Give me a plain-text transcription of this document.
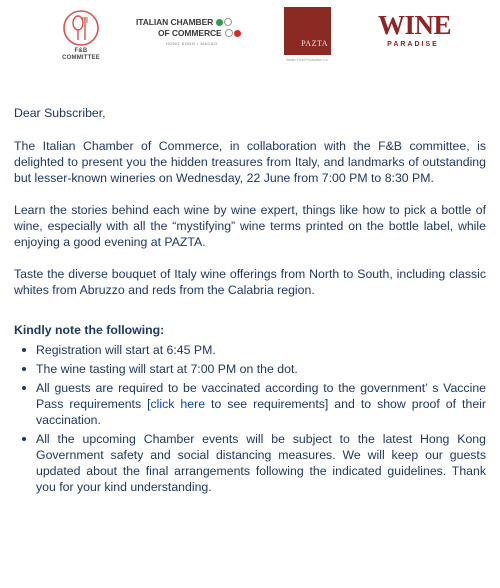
F&B
COMMITTEE
ITALIAN CHAMBER
OF COMMERCE
HONG KONG • MACAO	PAZTA
Italian Food Production Co.
WINE
PARADISE

Dear Subscriber,

The Italian Chamber of Commerce, in collaboration with the F&B committee, is delighted to present you the hidden treasures from Italy, and landmarks of outstanding but lesser-known wineries on Wednesday, 22 June from 7:00 PM to 8:30 PM.

Learn the stories behind each wine by wine expert, things like how to pick a bottle of wine, especially with all the “mystifying” wine terms printed on the bottle label, while enjoying a good evening at PAZTA.

Taste the diverse bouquet of Italy wine offerings from North to South, including classic whites from Abruzzo and reds from the Calabria region.

Kindly note the following:
Registration will start at 6:45 PM.
The wine tasting will start at 7:00 PM on the dot.
All guests are required to be vaccinated according to the government’ s Vaccine Pass requirements [click here to see requirements] and to show proof of their vaccination.
All the upcoming Chamber events will be subject to the latest Hong Kong Government safety and social distancing measures. We will keep our guests updated about the final arrangements following the indicated guidelines. Thank you for your kind understanding.
